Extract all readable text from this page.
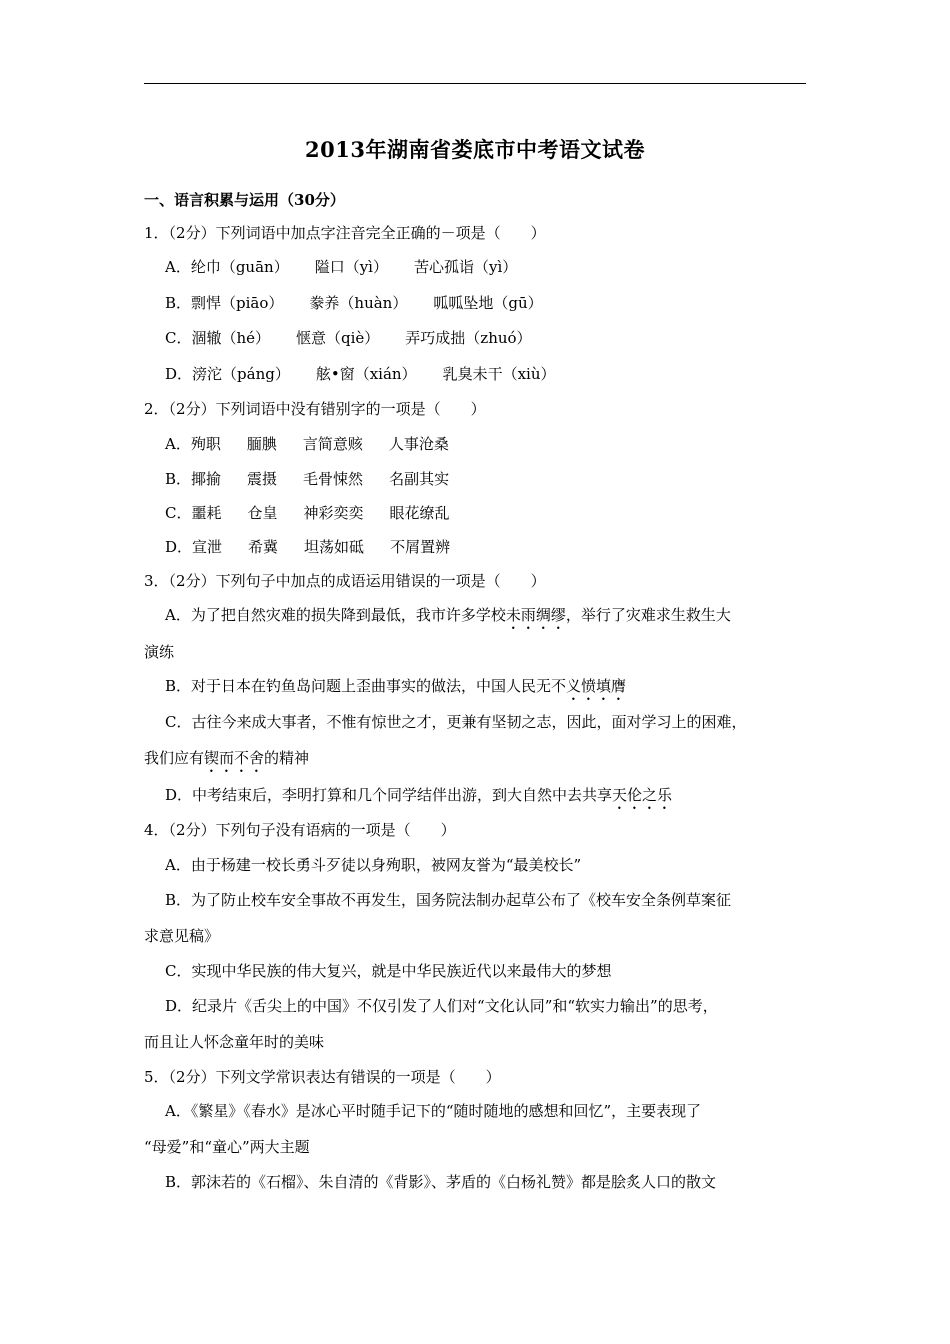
2013年湖南省娄底市中考语文试卷
一、语言积累与运用（30分）
1．（2分）下列词语中加点字注音完全正确的－项是（　　）
A．纶巾（guān） 隘口（yì） 苦心孤诣（yì）
B．剽悍（piāo） 豢养（huàn） 呱呱坠地（gū）
C．涸辙（hé） 惬意（qiè） 弄巧成拙（zhuó）
D．滂沱（páng） 舷•窗（xián） 乳臭未干（xiù）
2．（2分）下列词语中没有错别字的一项是（　　）
A．殉职 腼腆 言简意赅 人事沧桑
B．揶揄 震摄 毛骨悚然 名副其实
C．噩耗 仓皇 神彩奕奕 眼花缭乱
D．宣泄 希冀 坦荡如砥 不屑置辨
3．（2分）下列句子中加点的成语运用错误的一项是（　　）
A．为了把自然灾难的损失降到最低，我市许多学校未雨绸缪，举行了灾难求生救生大
演练
B．对于日本在钓鱼岛问题上歪曲事实的做法，中国人民无不义愤填膺
C．古往今来成大事者，不惟有惊世之才，更兼有坚韧之志，因此，面对学习上的困难，
我们应有锲而不舍的精神
D．中考结束后，李明打算和几个同学结伴出游，到大自然中去共享天伦之乐
4．（2分）下列句子没有语病的一项是（　　）
A．由于杨建一校长勇斗歹徒以身殉职，被网友誉为“最美校长”
B．为了防止校车安全事故不再发生，国务院法制办起草公布了《校车安全条例草案征
求意见稿》
C．实现中华民族的伟大复兴，就是中华民族近代以来最伟大的梦想
D．纪录片《舌尖上的中国》不仅引发了人们对“文化认同”和“软实力输出”的思考，
而且让人怀念童年时的美味
5．（2分）下列文学常识表达有错误的一项是（　　）
A．《繁星》《春水》是冰心平时随手记下的“随时随地的感想和回忆”，主要表现了
“母爱”和“童心”两大主题
B．郭沫若的《石榴》、朱自清的《背影》、茅盾的《白杨礼赞》都是脍炙人口的散文
